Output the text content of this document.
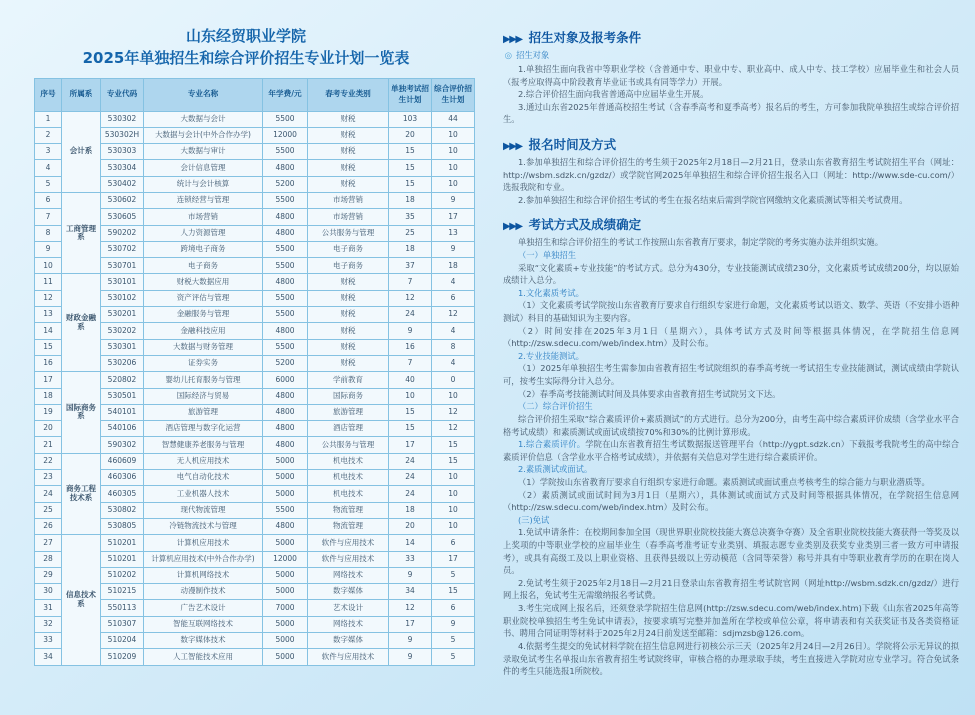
山东经贸职业学院
2025年单独招生和综合评价招生专业计划一览表
序号	所属系	专业代码	专业名称	年学费/元	春考专业类别	单独考试招生计划	综合评价招生计划
1	会计系	530302	大数据与会计	5500	财税	103	44
2		530302H	大数据与会计(中外合作办学)	12000	财税	20	10
3		530303	大数据与审计	5500	财税	15	10
4		530304	会计信息管理	4800	财税	15	10
5		530402	统计与会计核算	5200	财税	15	10
6	工商管理系	530602	连锁经营与管理	5500	市场营销	18	9
7		530605	市场营销	4800	市场营销	35	17
8		590202	人力资源管理	4800	公共服务与管理	25	13
9		530702	跨境电子商务	5500	电子商务	18	9
10		530701	电子商务	5500	电子商务	37	18
11	财政金融系	530101	财税大数据应用	4800	财税	7	4
12		530102	资产评估与管理	5500	财税	12	6
13		530201	金融服务与管理	5500	财税	24	12
14		530202	金融科技应用	4800	财税	9	4
15		530301	大数据与财务管理	5500	财税	16	8
16		530206	证券实务	5200	财税	7	4
17	国际商务系	520802	婴幼儿托育服务与管理	6000	学前教育	40	0
18		530501	国际经济与贸易	4800	国际商务	10	10
19		540101	旅游管理	4800	旅游管理	15	12
20		540106	酒店管理与数字化运营	4800	酒店管理	15	12
21		590302	智慧健康养老服务与管理	4800	公共服务与管理	17	15
22	商务工程技术系	460609	无人机应用技术	5000	机电技术	24	15
23		460306	电气自动化技术	5000	机电技术	24	10
24		460305	工业机器人技术	5000	机电技术	24	10
25		530802	现代物流管理	5500	物流管理	18	10
26		530805	冷链物流技术与管理	4800	物流管理	20	10
27	信息技术系	510201	计算机应用技术	5000	软件与应用技术	14	6
28		510201	计算机应用技术(中外合作办学)	12000	软件与应用技术	33	17
29		510202	计算机网络技术	5000	网络技术	9	5
30		510215	动漫制作技术	5000	数字媒体	34	15
31		550113	广告艺术设计	7000	艺术设计	12	6
32		510307	智能互联网络技术	5000	网络技术	17	9
33		510204	数字媒体技术	5000	数字媒体	9	5
34		510209	人工智能技术应用	5000	软件与应用技术	9	5
▶▶▶ 招生对象及报考条件

◎ 招生对象

1.单独招生面向我省中等职业学校（含普通中专、职业中专、职业高中、成人中专、技工学校）应届毕业生和社会人员（报考应取得高中阶段教育毕业证书或具有同等学力）开展。

2.综合评价招生面向我省普通高中应届毕业生开展。

3.通过山东省2025年普通高校招生考试（含春季高考和夏季高考）报名后的考生，方可参加我院单独招生或综合评价招生。

▶▶▶ 报名时间及方式

1.参加单独招生和综合评价招生的考生须于2025年2月18日—2月21日，登录山东省教育招生考试院招生平台（网址：http://wsbm.sdzk.cn/gzdz/）或学院官网2025年单独招生和综合评价招生报名入口（网址：http://www.sde-cu.com/）选报我院和专业。

2.参加单独招生和综合评价招生考试的考生在报名结束后需到学院官网缴纳文化素质测试等相关考试费用。

▶▶▶ 考试方式及成绩确定

单独招生和综合评价招生的考试工作按照山东省教育厅要求，制定学院的考务实施办法并组织实施。

（一）单独招生

采取“文化素质+专业技能”的考试方式。总分为430分，专业技能测试成绩230分，文化素质考试成绩200分，均以原始成绩计入总分。

1.文化素质考试。

（1）文化素质考试学院按山东省教育厅要求自行组织专家进行命题，文化素质考试以语文、数学、英语（不安排小语种测试）科目的基础知识为主要内容。

（2）时间安排在2025年3月1日（星期六），具体考试方式及时间等根据具体情况，在学院招生信息网（http://zsw.sdecu.com/web/index.htm）及时公布。

2.专业技能测试。

（1）2025年单独招生考生需参加由省教育招生考试院组织的春季高考统一考试招生专业技能测试，测试成绩由学院认可，按考生实际得分计入总分。

（2）春季高考技能测试时间及具体要求由省教育招生考试院另文下达。

（二）综合评价招生

综合评价招生采取“综合素质评价+素质测试”的方式进行。总分为200分，由考生高中综合素质评价成绩（含学业水平合格考试成绩）和素质测试或面试成绩按70%和30%的比例计算形成。

1.综合素质评价。学院在山东省教育招生考试数据报送管理平台（http://ygpt.sdzk.cn）下载报考我院考生的高中综合素质评价信息（含学业水平合格考试成绩），并依据有关信息对学生进行综合素质评价。

2.素质测试或面试。

（1）学院按山东省教育厅要求自行组织专家进行命题。素质测试或面试重点考核考生的综合能力与职业潜质等。

（2）素质测试或面试时间为3月1日（星期六），具体测试或面试方式及时间等根据具体情况，在学院招生信息网（http://zsw.sdecu.com/web/index.htm）及时公布。

(三)免试

1.免试申请条件：在校期间参加全国（现世界职业院校技能大赛总决赛争夺赛）及全省职业院校技能大赛获得一等奖及以上奖项的中等职业学校的应届毕业生（春季高考准考证专业类别、填报志愿专业类别及获奖专业类别三者一致方可申请报考），或具有高级工及以上职业资格、且获得县级以上劳动模范（含同等荣誉）称号并具有中等职业教育学历的在职在岗人员。

2.免试考生须于2025年2月18日—2月21日登录山东省教育招生考试院官网（网址http://wsbm.sdzk.cn/gzdz/）进行网上报名，免试考生无需缴纳报名考试费。

3.考生完成网上报名后，还须登录学院招生信息网(http://zsw.sdecu.com/web/index.htm)下载《山东省2025年高等职业院校单独招生考生免试申请表》，按要求填写完整并加盖所在学校或单位公章，将申请表和有关获奖证书及各类资格证书、聘用合同证明等材料于2025年2月24日前发送至邮箱：sdjmzsb@126.com。

4.依据考生提交的免试材料学院在招生信息网进行初核公示三天（2025年2月24日—2月26日）。学院将公示无异议的拟录取免试考生名单报山东省教育招生考试院终审，审核合格的办理录取手续，考生直接进入学院对应专业学习。符合免试条件的考生只能选报1所院校。
